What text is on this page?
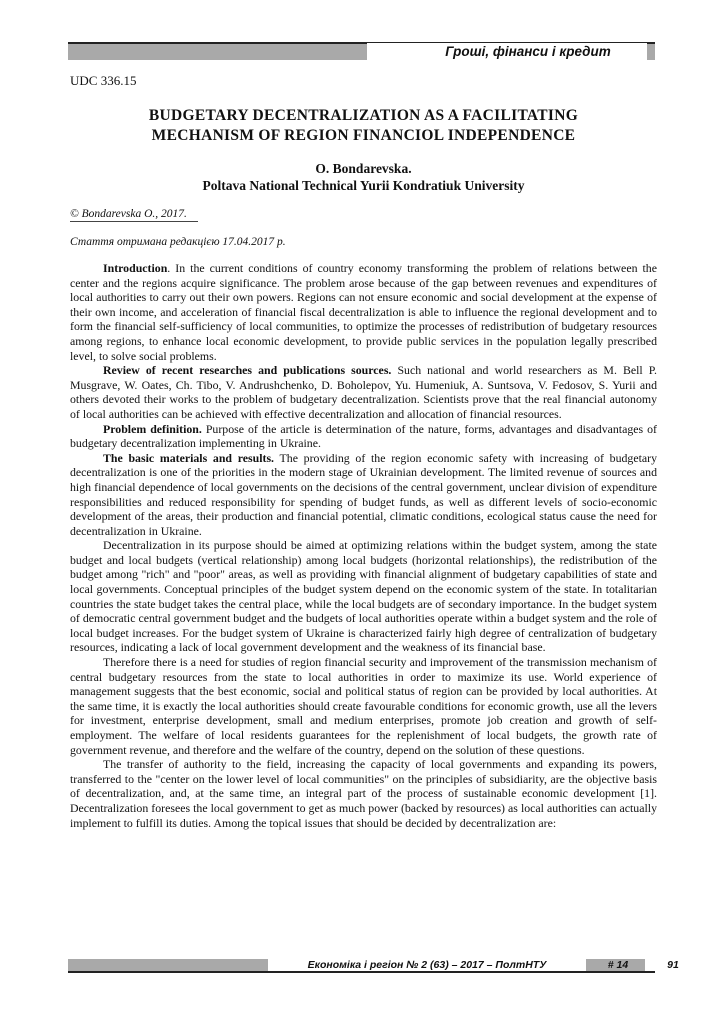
Гроші, фінанси і кредит
UDC 336.15
BUDGETARY DECENTRALIZATION AS A FACILITATING
MECHANISM OF REGION FINANCIOL INDEPENDENCE
O. Bondarevska.
Poltava National Technical Yurii Kondratiuk University
© Bondarevska O., 2017.
Стаття отримана редакцією 17.04.2017 р.

Introduction. In the current conditions of country economy transforming the problem of relations between the center and the regions acquire significance. The problem arose because of the gap between revenues and expenditures of local authorities to carry out their own powers. Regions can not ensure economic and social development at the expense of their own income, and acceleration of financial fiscal decentralization is able to influence the regional development and to form the financial self-sufficiency of local communities, to optimize the processes of redistribution of budgetary resources among regions, to enhance local economic development, to provide public services in the population legally prescribed level, to solve social problems.

Review of recent researches and publications sources. Such national and world researchers as M. Bell P. Musgrave, W. Oates, Ch. Tibo, V. Andrushchenko, D. Boholepov, Yu. Humeniuk, A. Suntsova, V. Fedosov, S. Yurii and others devoted their works to the problem of budgetary decentralization. Scientists prove that the real financial autonomy of local authorities can be achieved with effective decentralization and allocation of financial resources.

Problem definition. Purpose of the article is determination of the nature, forms, advantages and disadvantages of budgetary decentralization implementing in Ukraine.

The basic materials and results. The providing of the region economic safety with increasing of budgetary decentralization is one of the priorities in the modern stage of Ukrainian development. The limited revenue of sources and high financial dependence of local governments on the decisions of the central government, unclear division of expenditure responsibilities and reduced responsibility for spending of budget funds, as well as different levels of socio-economic development of the areas, their production and financial potential, climatic conditions, ecological status cause the need for decentralization in Ukraine.

Decentralization in its purpose should be aimed at optimizing relations within the budget system, among the state budget and local budgets (vertical relationship) among local budgets (horizontal relationships), the redistribution of the budget among "rich" and "poor" areas, as well as providing with financial alignment of budgetary capabilities of state and local governments. Conceptual principles of the budget system depend on the economic system of the state. In totalitarian countries the state budget takes the central place, while the local budgets are of secondary importance. In the budget system of democratic central government budget and the budgets of local authorities operate within a budget system and the role of local budget increases. For the budget system of Ukraine is characterized fairly high degree of centralization of budgetary resources, indicating a lack of local government development and the weakness of its financial base.

Therefore there is a need for studies of region financial security and improvement of the transmission mechanism of central budgetary resources from the state to local authorities in order to maximize its use. World experience of management suggests that the best economic, social and political status of region can be provided by local authorities. At the same time, it is exactly the local authorities should create favourable conditions for economic growth, use all the levers for investment, enterprise development, small and medium enterprises, promote job creation and growth of self-employment. The welfare of local residents guarantees for the replenishment of local budgets, the growth rate of government revenue, and therefore and the welfare of the country, depend on the solution of these questions.

The transfer of authority to the field, increasing the capacity of local governments and expanding its powers, transferred to the "center on the lower level of local communities" on the principles of subsidiarity, are the objective basis of decentralization, and, at the same time, an integral part of the process of sustainable economic development [1]. Decentralization foresees the local government to get as much power (backed by resources) as local authorities can actually implement to fulfill its duties. Among the topical issues that should be decided by decentralization are:

Економіка і регіон № 2 (63) – 2017 – ПолтНТУ	# 14	91
